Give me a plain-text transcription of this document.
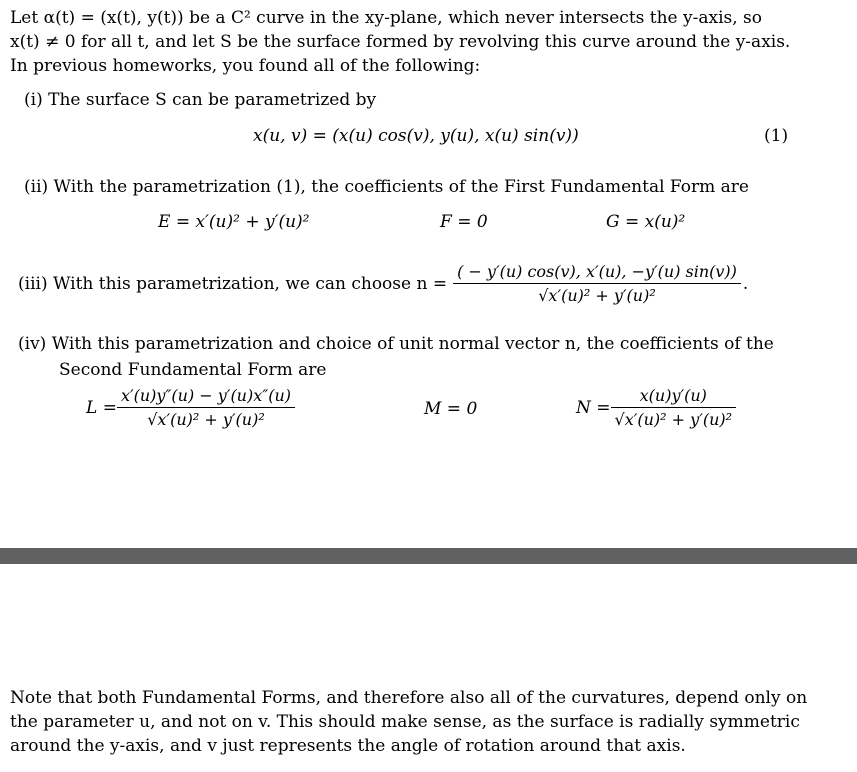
Let α(t) = (x(t), y(t)) be a C² curve in the xy-plane, which never intersects the y-axis, so
x(t) ≠ 0 for all t, and let S be the surface formed by revolving this curve around the y-axis.
In previous homeworks, you found all of the following:
(i) The surface S can be parametrized by
x(u, v) = (x(u) cos(v), y(u), x(u) sin(v))	(1)
(ii) With the parametrization (1), the coefficients of the First Fundamental Form are
E = x′(u)² + y′(u)²	F = 0	G = x(u)²
(iii) With this parametrization, we can choose $n = \frac{( - y'(u) \cos(v), x'(u), -y'(u) \sin(v))}{\text{√x′(u)² + y′(u)²}}$ .
(iv) With this parametrization and choice of unit normal vector n, the coefficients of the
Second Fundamental Form are
$L = \frac{x'(u)y''(u) - y'(u)x''(u)}{\text{√x′(u)² + y′(u)²}}$	M = 0	$N = \frac{x(u)y'(u)}{\text{√x′(u)² + y′(u)²}}$
Note that both Fundamental Forms, and therefore also all of the curvatures, depend only on
the parameter u, and not on v. This should make sense, as the surface is radially symmetric
around the y-axis, and v just represents the angle of rotation around that axis.
